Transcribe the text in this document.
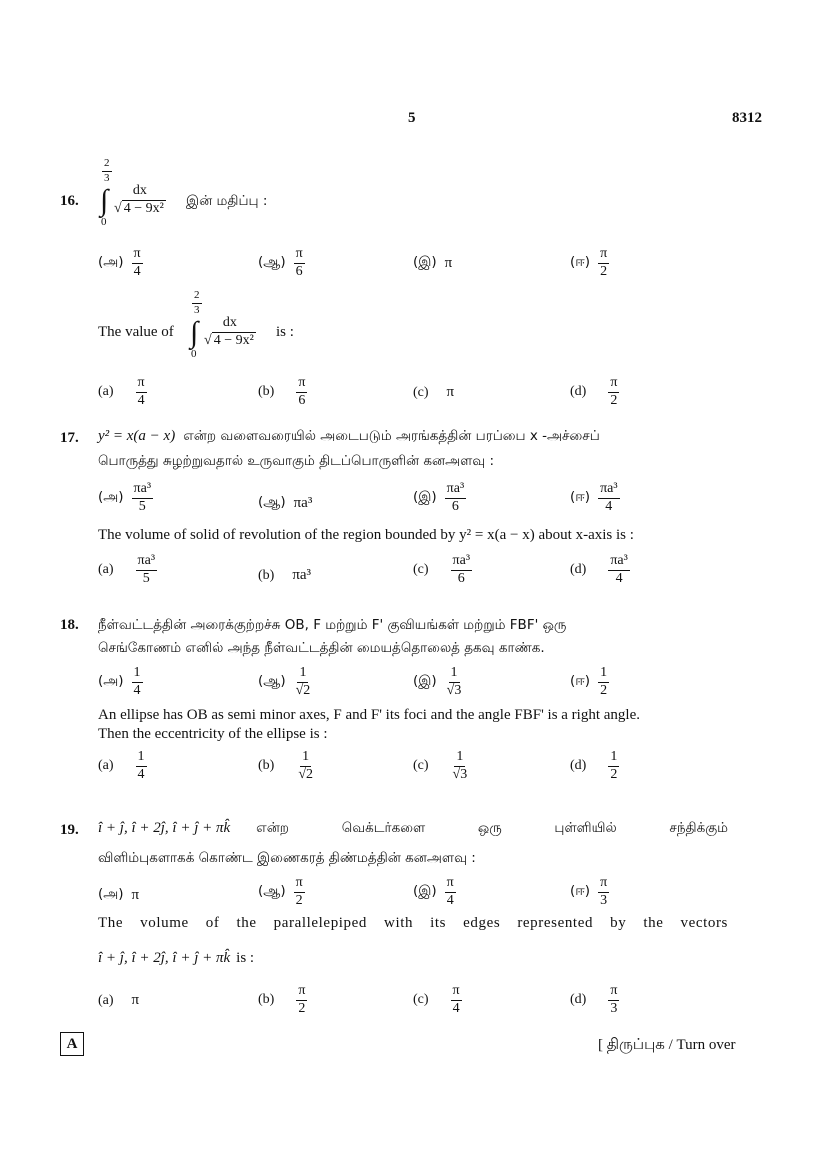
5	8312
16.
$\frac{2}{3}$
∫
0
$\frac{dx}{\text{√ 4 − 9x²}}$ இன் மதிப்பு :
(அ) $\frac{\pi}{4}$	(ஆ) $\frac{\pi}{6}$	(இ) π	(ஈ) $\frac{\pi}{2}$
The value of
$\frac{2}{3}$
∫
0
$\frac{dx}{\text{√ 4 − 9x²}}$ is :
$(a) \frac{\pi}{4}$	$(b) \frac{\pi}{6}$	(c) π	$(d) \frac{\pi}{2}$
17. y² = x(a − x) என்ற வளைவரையில் அடைபடும் அரங்கத்தின் பரப்பை x -அச்சைப்
பொருத்து சுழற்றுவதால் உருவாகும் திடப்பொருளின் கனஅளவு :
(அ) $\frac{\text{πa³}}{5}$	(ஆ) πa³	(இ) $\frac{\text{πa³}}{6}$	(ஈ) $\frac{\text{πa³}}{4}$
The volume of solid of revolution of the region bounded by y² = x(a − x) about x-axis is :
$(a) \frac{\text{πa³}}{5}$	(b) πa³	$(c) \frac{\text{πa³}}{6}$	$(d) \frac{\text{πa³}}{4}$
18. நீள்வட்டத்தின் அரைக்குற்றச்சு OB, F மற்றும் F' குவியங்கள் மற்றும் FBF' ஒரு
செங்கோணம் எனில் அந்த நீள்வட்டத்தின் மையத்தொலைத் தகவு காண்க.
(அ) $\frac{1}{4}$	(ஆ) $\frac{1}{√2}$	(இ) $\frac{1}{√3}$	(ஈ) $\frac{1}{2}$
An ellipse has OB as semi minor axes, F and F' its foci and the angle FBF' is a right angle.
Then the eccentricity of the ellipse is :
$(a) \frac{1}{4}$	$(b) \frac{1}{√2}$	$(c) \frac{1}{√3}$	$(d) \frac{1}{2}$
19. î + ĵ, î + 2ĵ, î + ĵ + πk̂ என்ற வெக்டர்களை ஒரு புள்ளியில் சந்திக்கும்
விளிம்புகளாகக் கொண்ட இணைகரத் திண்மத்தின் கனஅளவு :
(அ) π	(ஆ) $\frac{\pi}{2}$	(இ) $\frac{\pi}{4}$	(ஈ) $\frac{\pi}{3}$
The volume of the parallelepiped with its edges represented by the vectors
î + ĵ, î + 2ĵ, î + ĵ + πk̂ is :
(a) π	$(b) \frac{\pi}{2}$	$(c) \frac{\pi}{4}$	$(d) \frac{\pi}{3}$
A	[ திருப்புக / Turn over
